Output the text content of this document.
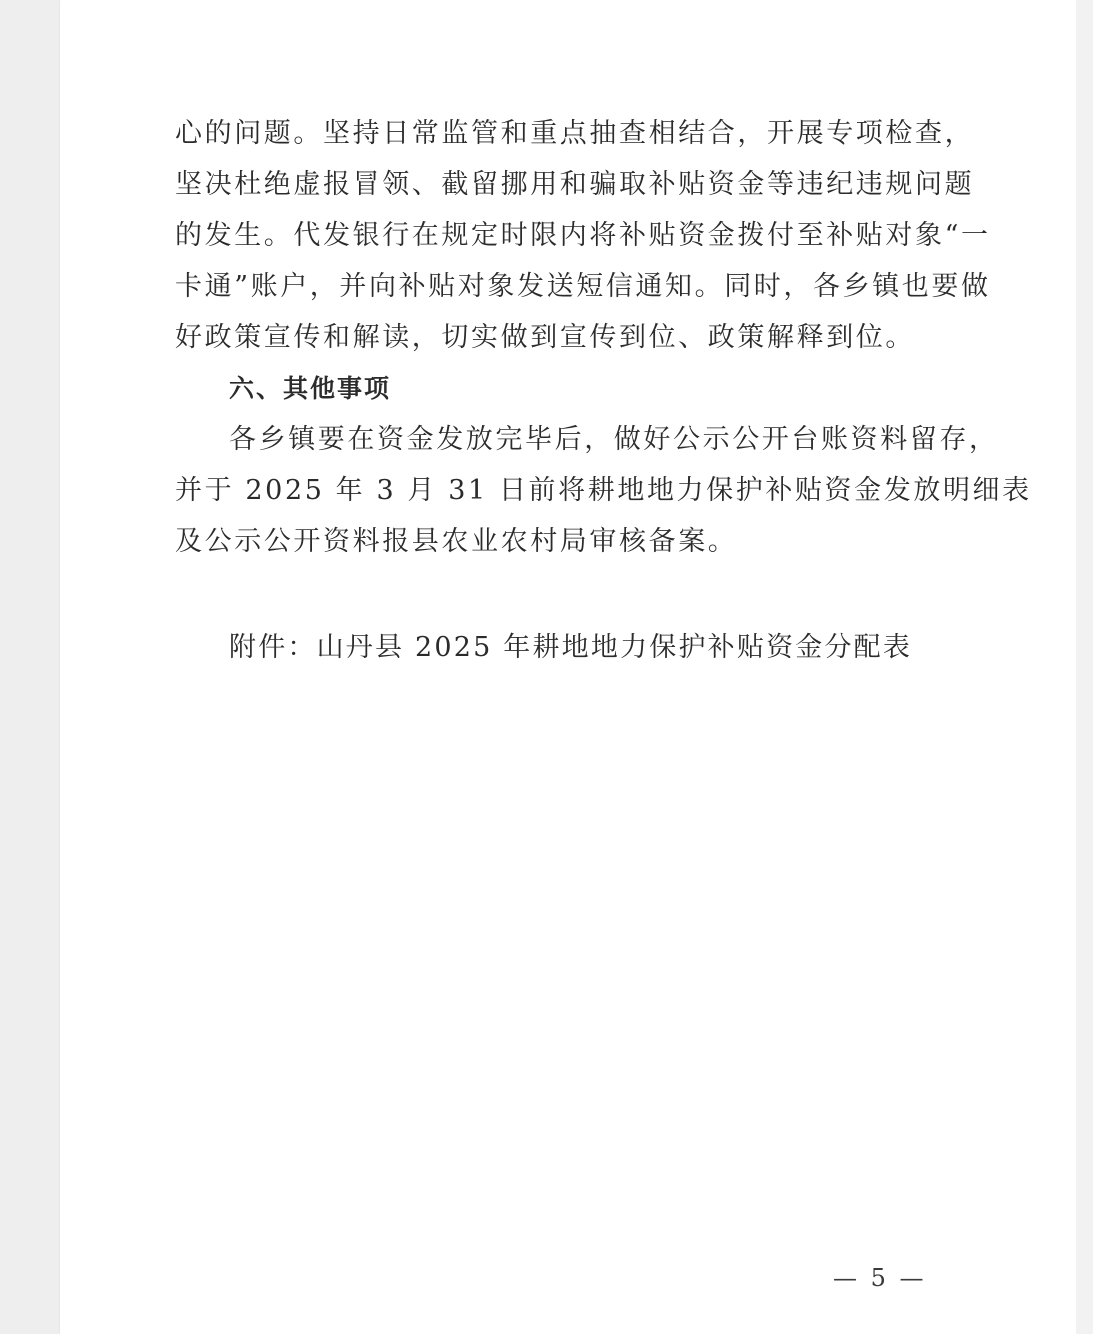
心的问题。坚持日常监管和重点抽查相结合，开展专项检查，
坚决杜绝虚报冒领、截留挪用和骗取补贴资金等违纪违规问题
的发生。代发银行在规定时限内将补贴资金拨付至补贴对象“一
卡通”账户，并向补贴对象发送短信通知。同时，各乡镇也要做
好政策宣传和解读，切实做到宣传到位、政策解释到位。
六、其他事项
各乡镇要在资金发放完毕后，做好公示公开台账资料留存，
并于 2025 年 3 月 31 日前将耕地地力保护补贴资金发放明细表
及公示公开资料报县农业农村局审核备案。
附件：山丹县 2025 年耕地地力保护补贴资金分配表
— 5 —
